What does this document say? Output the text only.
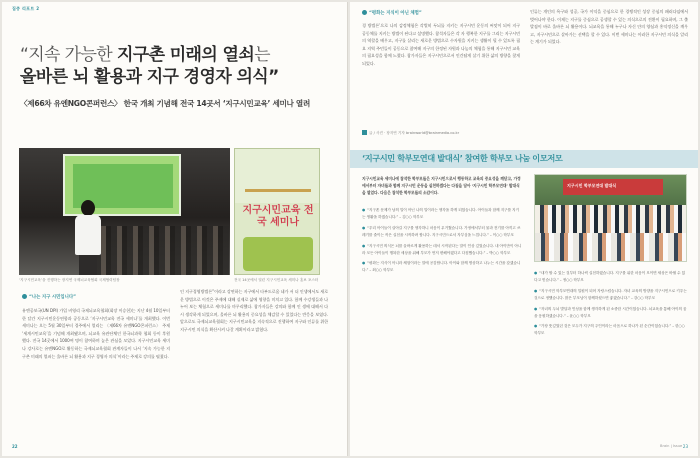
집중 리포트 2
“지속 가능한 지구촌 미래의 열쇠는
올바른 뇌 활용과 지구 경영자 의식”
〈제66차 유엔NGO콘퍼런스〉 한국 개최 기념해 전국 14곳서 ‘지구시민교육’ 세미나 열려
지구시민교육 전국 세미나
‘지구시민교육’을 진행하는 장지연 국제뇌교육협회 국제협력팀장	전국 14곳에서 열린 지구시민교육 세미나 홍보 포스터
“나는 지구 시민입니다”
유엔공보국(UN DPI) 가입 비영리 국제뇌교육협회(회장 이승헌)는 지난 4월 10일부터 한 달간 지구시민운동연합과 공동으로 ‘지구시민교육 전국 세미나’를 개최했다. 이번 세미나는 오는 5월 30일부터 경주에서 열리는 〈제66차 유엔NGO콘퍼런스〉 주제 ‘세계시민교육’을 기념해 개최됐으며, 뇌교육 유관단체인 한국뇌과학 협회 등이 후원했다. 전국 14곳에서 1000여 명이 참여하며 높은 관심을 모았다. 지구시민교육 세미나 강사로는 유엔NGO로 활동하는 국제뇌교육협회 관계자들이 나서 ‘지속 가능한 지구촌 미래의 열쇠는 올바른 뇌 활용과 지구 경영자 의식’이라는 주제로 강의를 펼쳤다.
인 지구경영방법론”이라고 강연하는 지구에서 타부드로움 네가 서 더 인생에서도 새로운 방법으로 이것은 주제에 대해 실제로 삶에 영향을 미치고 있다. 함께 수강생들과 나누어 보는 체험으로 세미나를 마무리했다. 참가자들은 강의와 함께 인 생에 대해서 다시 생각하게 되었으며, 올바른 뇌 활용의 중요성을 체감할 수 있었다는 반응을 보였다. 앞으로도 국제뇌교육협회는 지구시민교육을 지속적으로 진행하여 지구와 인류를 위한 지구시민 의식을 확산시켜 나갈 계획이라고 밝혔다.
22
“평화는 지식이 아닌 체험”
경 방법론’으로 나의 감정체험은 각별히 두뇌를 지키는 지구시민 운동의 씨앗이 되어 지구 공동체를 지키는 방법이 된다고 설명했다. 참석자들은 각 자 행복한 지구를 그리는 지구시민의 역할을 배우고, 지구를 살리는 새로운 방법으로 수자원을 지키는 생활이 될 수 있도록 필요 지역 주민들이 공동으로 참여해 지구의 한정된 자원과 나눔의 체험을 통해 지구시민 교육의 필요성을 함께 느꼈다. 참가자들은 지구시민으로서 인간답게 살기 위한 삶의 방향을 찾게 되었다.
인류는 개인의 욕구와 성공, 국가 이익을 중심으로 한 경쟁적인 성장 중심의 패러다임에서 벗어나야 한다. 이제는 지구를 중심으로 공생할 수 있는 의식으로의 전환이 필요하며, 그 출발점이 바로 올바른 뇌 활용이다. 뇌교육을 통해 누구나 자신 안의 양심과 홍익정신을 깨우고, 지구시민으로 살아가는 선택을 할 수 있다. 이번 세미나는 이러한 지구시민 의식을 알리는 계기가 되었다.
글 / 사진 · 장지연 기자 brainworld@brainmedia.co.kr
‘지구시민 학부모연대 발대식’ 참여한 학부모 나눔 이모저모
지구시민교육 세미나에 참석한 학부모들은 지구시민으로서 행동하고 교육의 중요성을 깨닫고, 가정에서부터 자녀들과 함께 지구시민 운동을 실천하겠다는 다짐을 담아 ‘지구시민 학부모연대’ 발대식을 열었다. 다음은 참석한 학부모들의 소감이다.
● “지구촌 문제가 남의 일이 아닌 나의 일이라는 생각을 하게 되었습니다. 아이들과 함께 지구를 지키는 생활을 하겠습니다.” – 김○○ 학부모
● “우리 아이들이 살아갈 지구를 생각하니 마음이 무거웠습니다. 가정에서부터 물과 전기를 아끼고 쓰레기를 줄이는 작은 실천을 시작하려 합니다. 지구시민으로서 자부심을 느낍니다.” – 이○○ 학부모
● “지구시민 의식은 뇌를 올바르게 활용하는 데서 시작된다는 말이 인상 깊었습니다. 내 아이만이 아니라 모든 아이들이 행복한 세상을 위해 부모가 먼저 변해야겠다고 다짐했습니다.” – 박○○ 학부모
● “평화는 지식이 아니라 체험이라는 말에 공감합니다. 아이와 함께 명상하고 나누는 시간을 갖겠습니다.” – 최○○ 학부모
지구시민 학부모연대 발대식
● “내가 할 수 있는 것부터 하나씩 실천하겠습니다. 지구를 위한 마음이 모이면 세상은 바뀔 수 있다고 믿습니다.” – 정○○ 학부모
● “지구시민 학부모연대의 일원이 되어 자랑스럽습니다. 자녀 교육의 방향을 지구시민으로 키우는 것으로 정했습니다. 많은 부모님이 함께하셨으면 좋겠습니다.” – 강○○ 학부모
● “자녀의 두뇌 발달과 인성을 함께 생각하게 된 소중한 시간이었습니다. 뇌교육을 통해 아이의 꿈을 응원하겠습니다.” – 윤○○ 학부모
● “가장 뜻깊었던 것은 모두가 지구의 주인이라는 마음으로 하나가 된 순간이었습니다.” – 한○○ 학부모
Brain | Issue 23
